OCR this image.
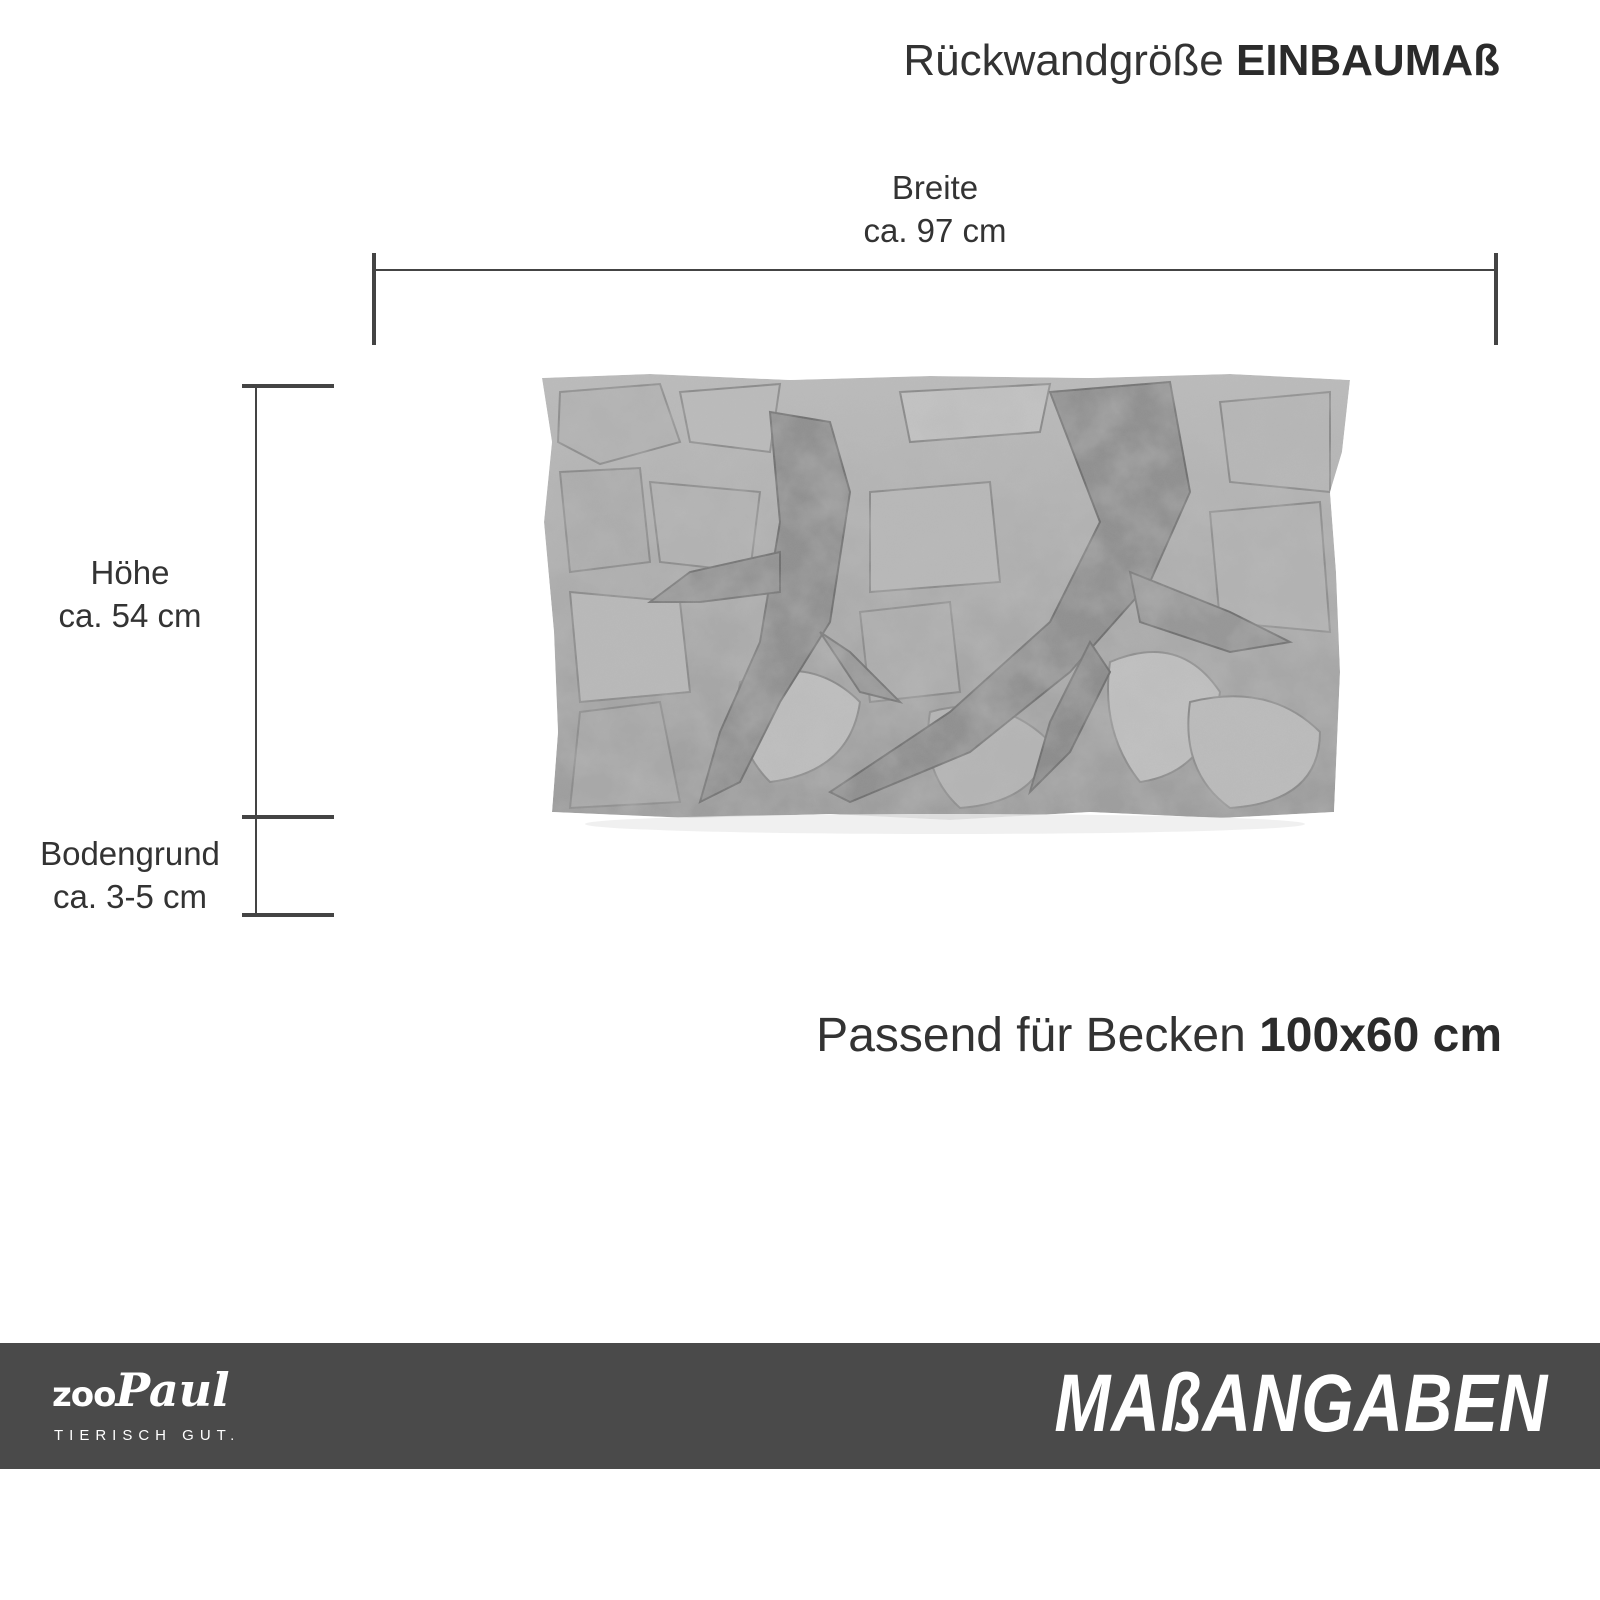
Rückwandgröße EINBAUMAß
Breite
ca. 97 cm
Höhe
ca. 54 cm
Bodengrund
ca. 3-5 cm
Passend für Becken 100x60 cm
zooPaul
TIERISCH GUT.	MAßANGABEN
